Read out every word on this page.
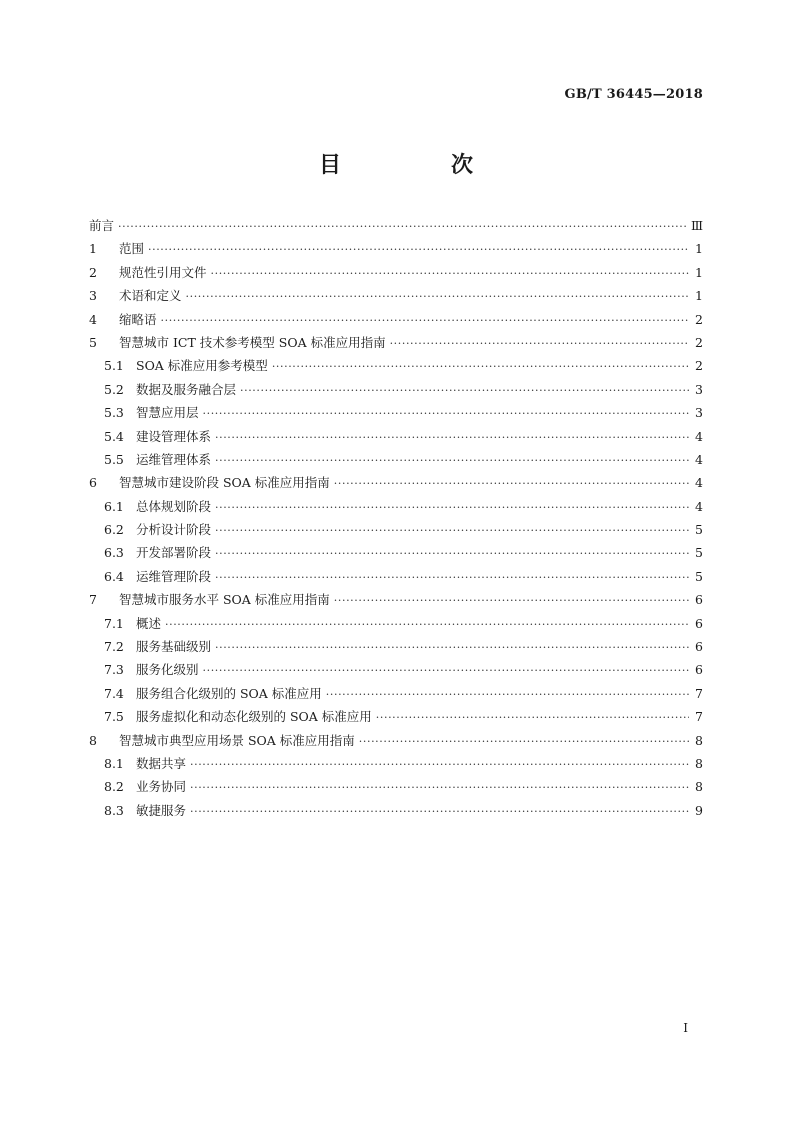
GB/T 36445—2018
目　次
前言 ·····	Ⅲ
1	范围 ·····	1
2	规范性引用文件 ·····	1
3	术语和定义 ·····	1
4	缩略语 ·····	2
5	智慧城市 ICT 技术参考模型 SOA 标准应用指南 ·····	2
5.1 SOA 标准应用参考模型 ·····	2
5.2 数据及服务融合层 ·····	3
5.3 智慧应用层 ·····	3
5.4 建设管理体系 ·····	4
5.5 运维管理体系 ·····	4
6	智慧城市建设阶段 SOA 标准应用指南 ·····	4
6.1 总体规划阶段 ·····	4
6.2 分析设计阶段 ·····	5
6.3 开发部署阶段 ·····	5
6.4 运维管理阶段 ·····	5
7	智慧城市服务水平 SOA 标准应用指南 ·····	6
7.1 概述 ·····	6
7.2 服务基础级别 ·····	6
7.3 服务化级别 ·····	6
7.4 服务组合化级别的 SOA 标准应用 ·····	7
7.5 服务虚拟化和动态化级别的 SOA 标准应用 ·····	7
8	智慧城市典型应用场景 SOA 标准应用指南 ·····	8
8.1 数据共享 ·····	8
8.2 业务协同 ·····	8
8.3 敏捷服务 ·····	9
I
